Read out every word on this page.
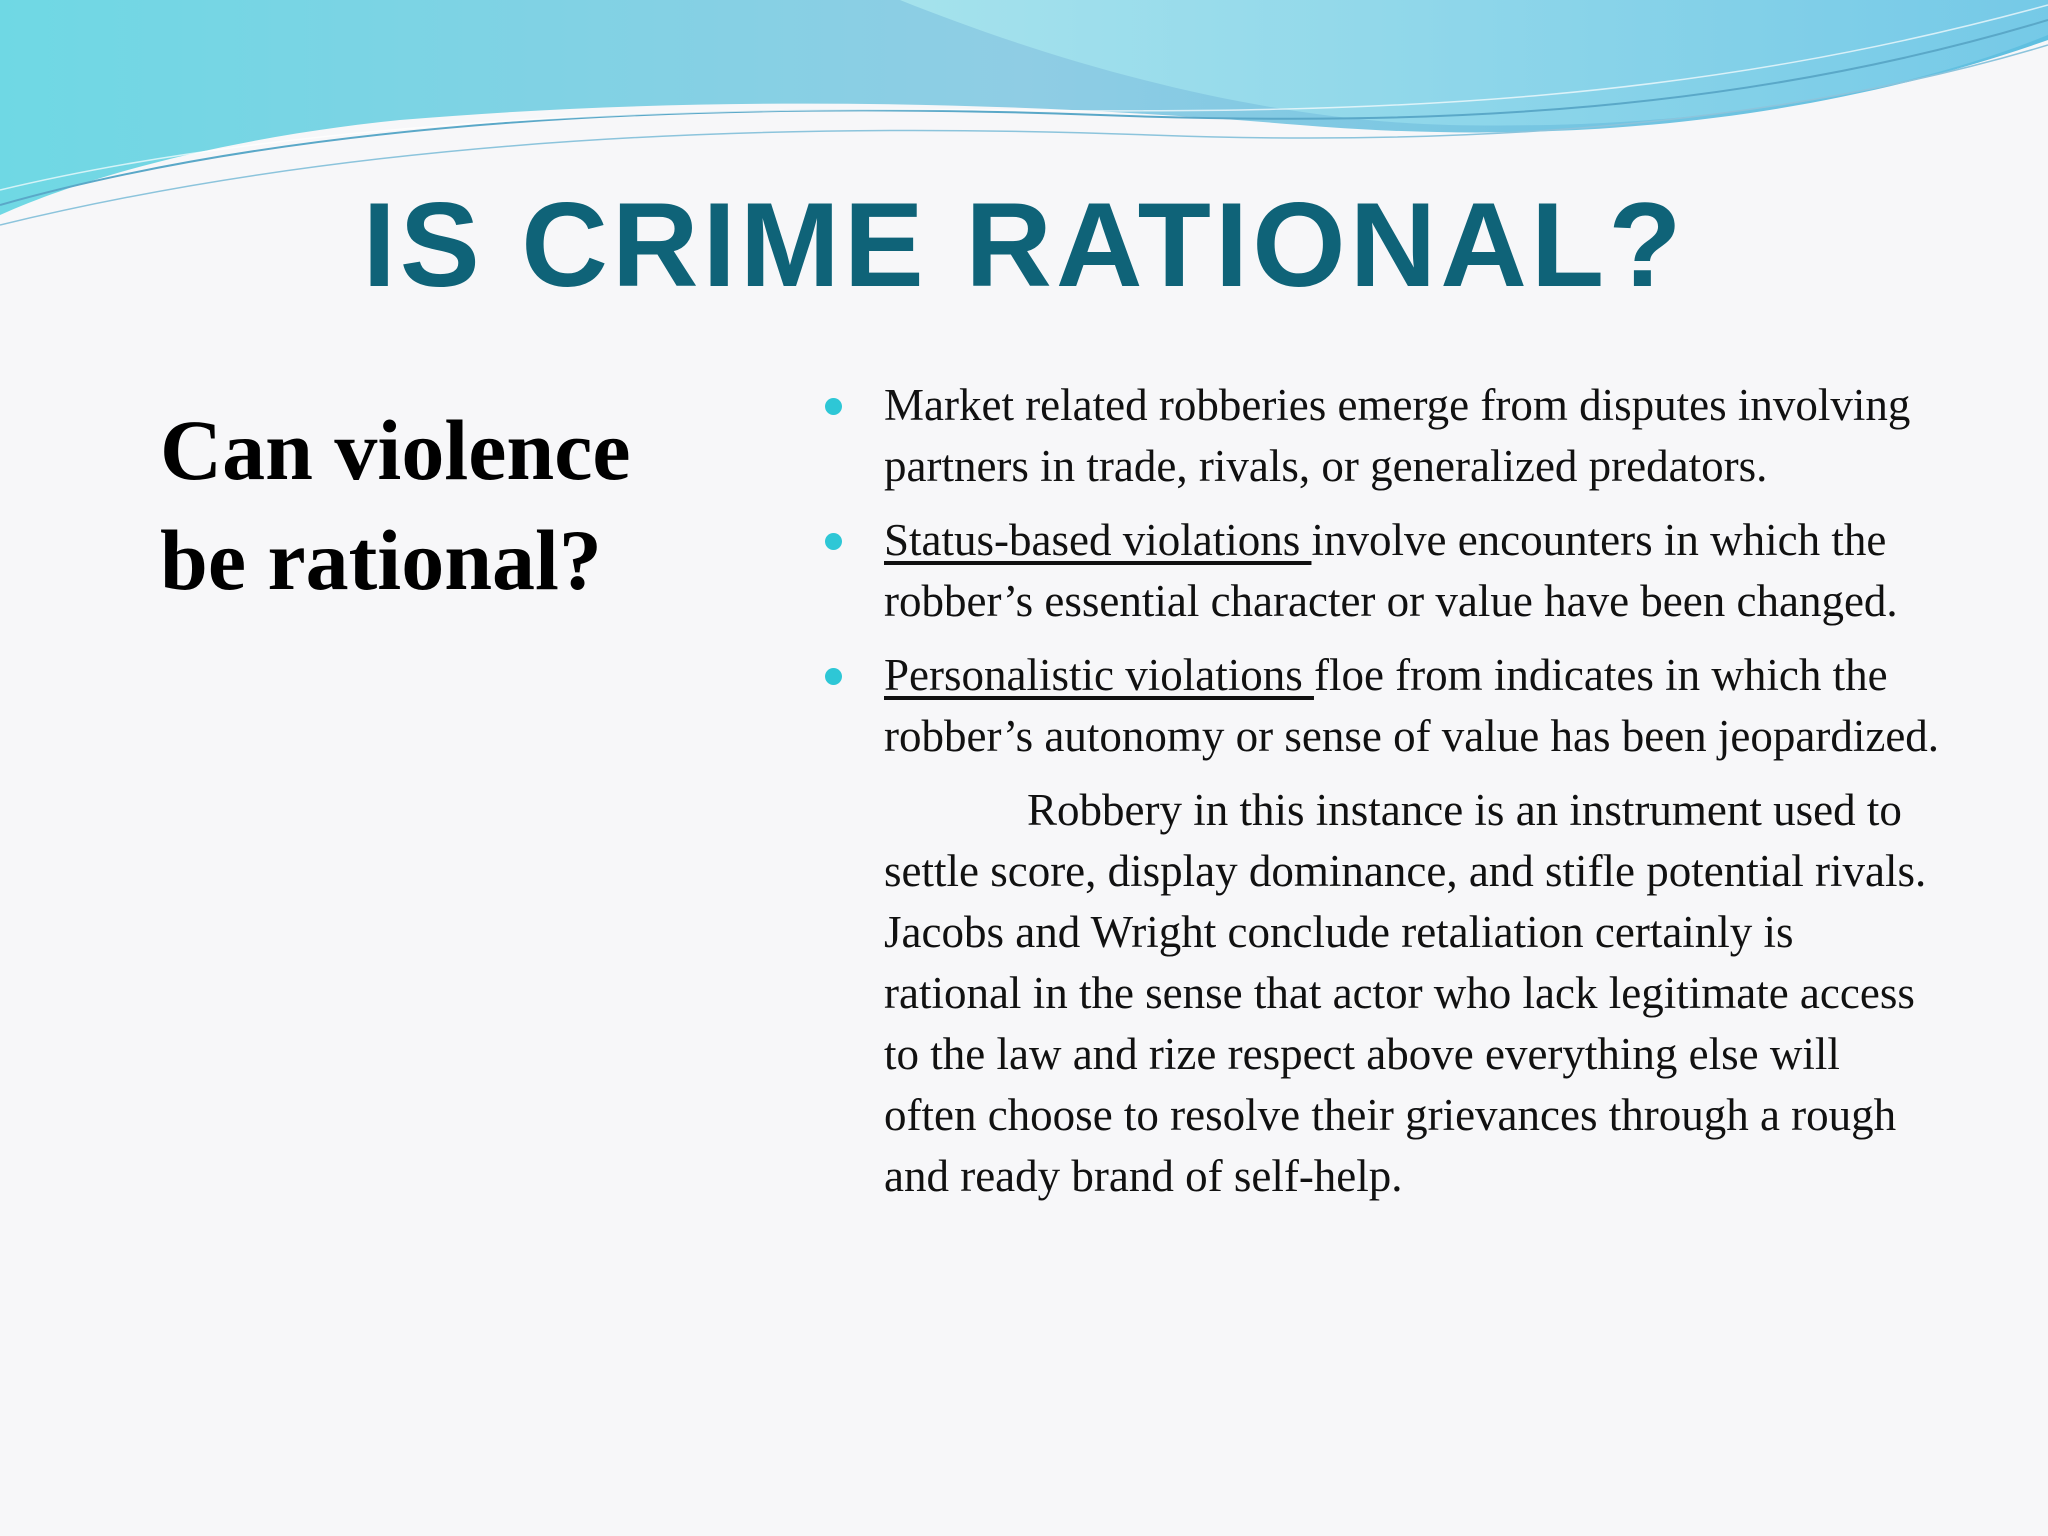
IS CRIME RATIONAL?
Can violence be rational?
Market related robberies emerge from disputes involving partners in trade, rivals, or generalized predators.
Status-based violations involve encounters in which the robber’s essential character or value have been changed.
Personalistic violations floe from indicates in which the robber’s autonomy or sense of value has been jeopardized.

Robbery in this instance is an instrument used to settle score, display dominance, and stifle potential rivals. Jacobs and Wright conclude retaliation certainly is rational in the sense that actor who lack legitimate access to the law and rize respect above everything else will often choose to resolve their grievances through a rough and ready brand of self-help.
